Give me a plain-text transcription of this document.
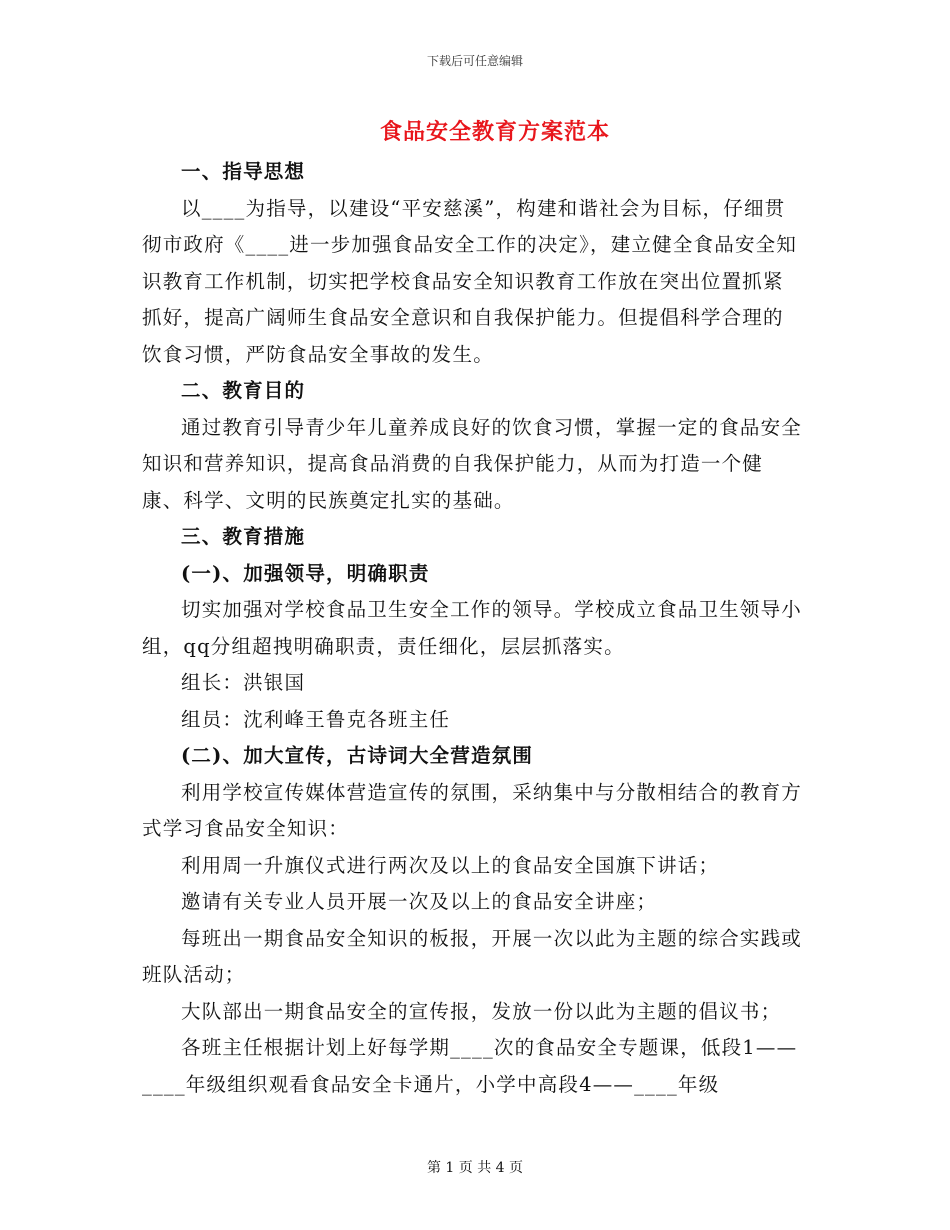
下载后可任意编辑
食品安全教育方案范本

一、指导思想

以____为指导，以建设“平安慈溪”，构建和谐社会为目标，仔细贯彻市政府《____进一步加强食品安全工作的决定》，建立健全食品安全知识教育工作机制，切实把学校食品安全知识教育工作放在突出位置抓紧抓好，提高广阔师生食品安全意识和自我保护能力。但提倡科学合理的饮食习惯，严防食品安全事故的发生。

二、教育目的

通过教育引导青少年儿童养成良好的饮食习惯，掌握一定的食品安全知识和营养知识，提高食品消费的自我保护能力，从而为打造一个健康、科学、文明的民族奠定扎实的基础。

三、教育措施

(一)、加强领导，明确职责

切实加强对学校食品卫生安全工作的领导。学校成立食品卫生领导小组，qq分组超拽明确职责，责任细化，层层抓落实。

组长：洪银国

组员：沈利峰王鲁克各班主任

(二)、加大宣传，古诗词大全营造氛围

利用学校宣传媒体营造宣传的氛围，采纳集中与分散相结合的教育方式学习食品安全知识：

利用周一升旗仪式进行两次及以上的食品安全国旗下讲话；

邀请有关专业人员开展一次及以上的食品安全讲座；

每班出一期食品安全知识的板报，开展一次以此为主题的综合实践或班队活动；

大队部出一期食品安全的宣传报，发放一份以此为主题的倡议书；

各班主任根据计划上好每学期____次的食品安全专题课，低段1——____年级组织观看食品安全卡通片，小学中高段4——____年级

第 1 页 共 4 页
